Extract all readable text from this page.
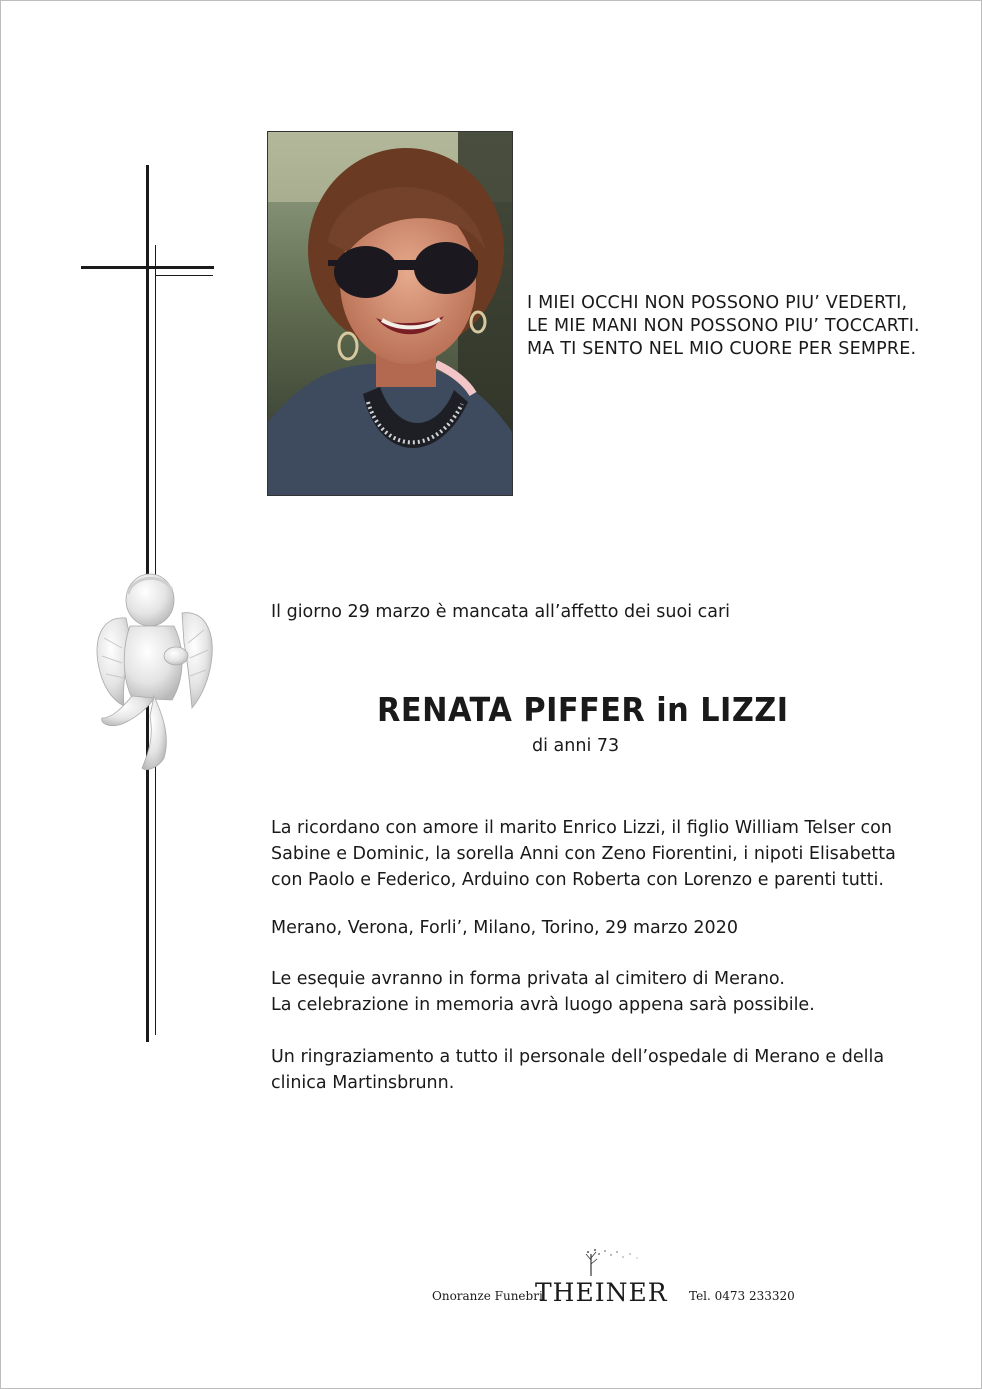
I MIEI OCCHI NON POSSONO PIU’ VEDERTI,
LE MIE MANI NON POSSONO PIU’ TOCCARTI.
MA TI SENTO NEL MIO CUORE PER SEMPRE.
Il giorno 29 marzo è mancata all’affetto dei suoi cari
RENATA PIFFER in LIZZI
di anni 73
La ricordano con amore il marito Enrico Lizzi, il figlio William Telser con
Sabine e Dominic, la sorella Anni con Zeno Fiorentini, i nipoti Elisabetta
con Paolo e Federico, Arduino con Roberta con Lorenzo e parenti tutti.
Merano, Verona, Forli’, Milano, Torino, 29 marzo 2020
Le esequie avranno in forma privata al cimitero di Merano.
La celebrazione in memoria avrà luogo appena sarà possibile.
Un ringraziamento a tutto il personale dell’ospedale di Merano e della
clinica Martinsbrunn.
Onoranze Funebri
THEINER Tel. 0473 233320
